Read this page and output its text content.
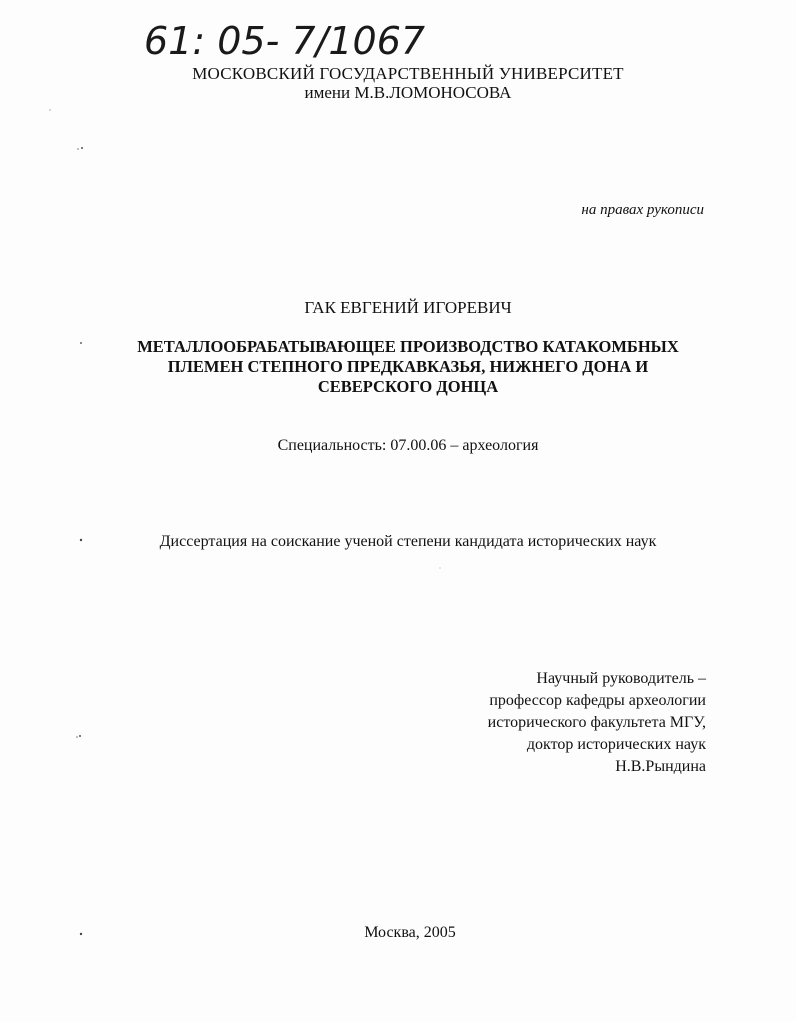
61: 05- 7/1067
МОСКОВСКИЙ ГОСУДАРСТВЕННЫЙ УНИВЕРСИТЕТ
имени М.В.ЛОМОНОСОВА
на правах рукописи
ГАК ЕВГЕНИЙ ИГОРЕВИЧ
МЕТАЛЛООБРАБАТЫВАЮЩЕЕ ПРОИЗВОДСТВО КАТАКОМБНЫХ
ПЛЕМЕН СТЕПНОГО ПРЕДКАВКАЗЬЯ, НИЖНЕГО ДОНА И
СЕВЕРСКОГО ДОНЦА
Специальность: 07.00.06 – археология
Диссертация на соискание ученой степени кандидата исторических наук
Научный руководитель –
профессор кафедры археологии
исторического факультета МГУ,
доктор исторических наук
Н.В.Рындина
Москва, 2005
